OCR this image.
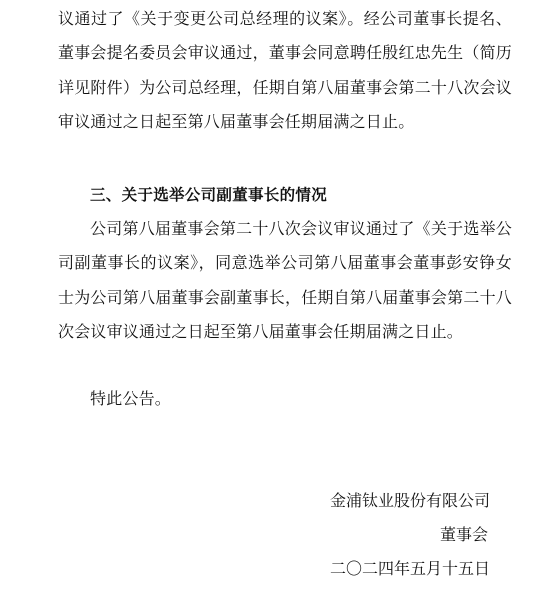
议通过了《关于变更公司总经理的议案》。经公司董事长提名、董事会提名委员会审议通过，董事会同意聘任殷红忠先生（简历详见附件）为公司总经理，任期自第八届董事会第二十八次会议审议通过之日起至第八届董事会任期届满之日止。

三、关于选举公司副董事长的情况

公司第八届董事会第二十八次会议审议通过了《关于选举公司副董事长的议案》，同意选举公司第八届董事会董事彭安铮女士为公司第八届董事会副董事长，任期自第八届董事会第二十八次会议审议通过之日起至第八届董事会任期届满之日止。

特此公告。

金浦钛业股份有限公司

董事会

二〇二四年五月十五日
